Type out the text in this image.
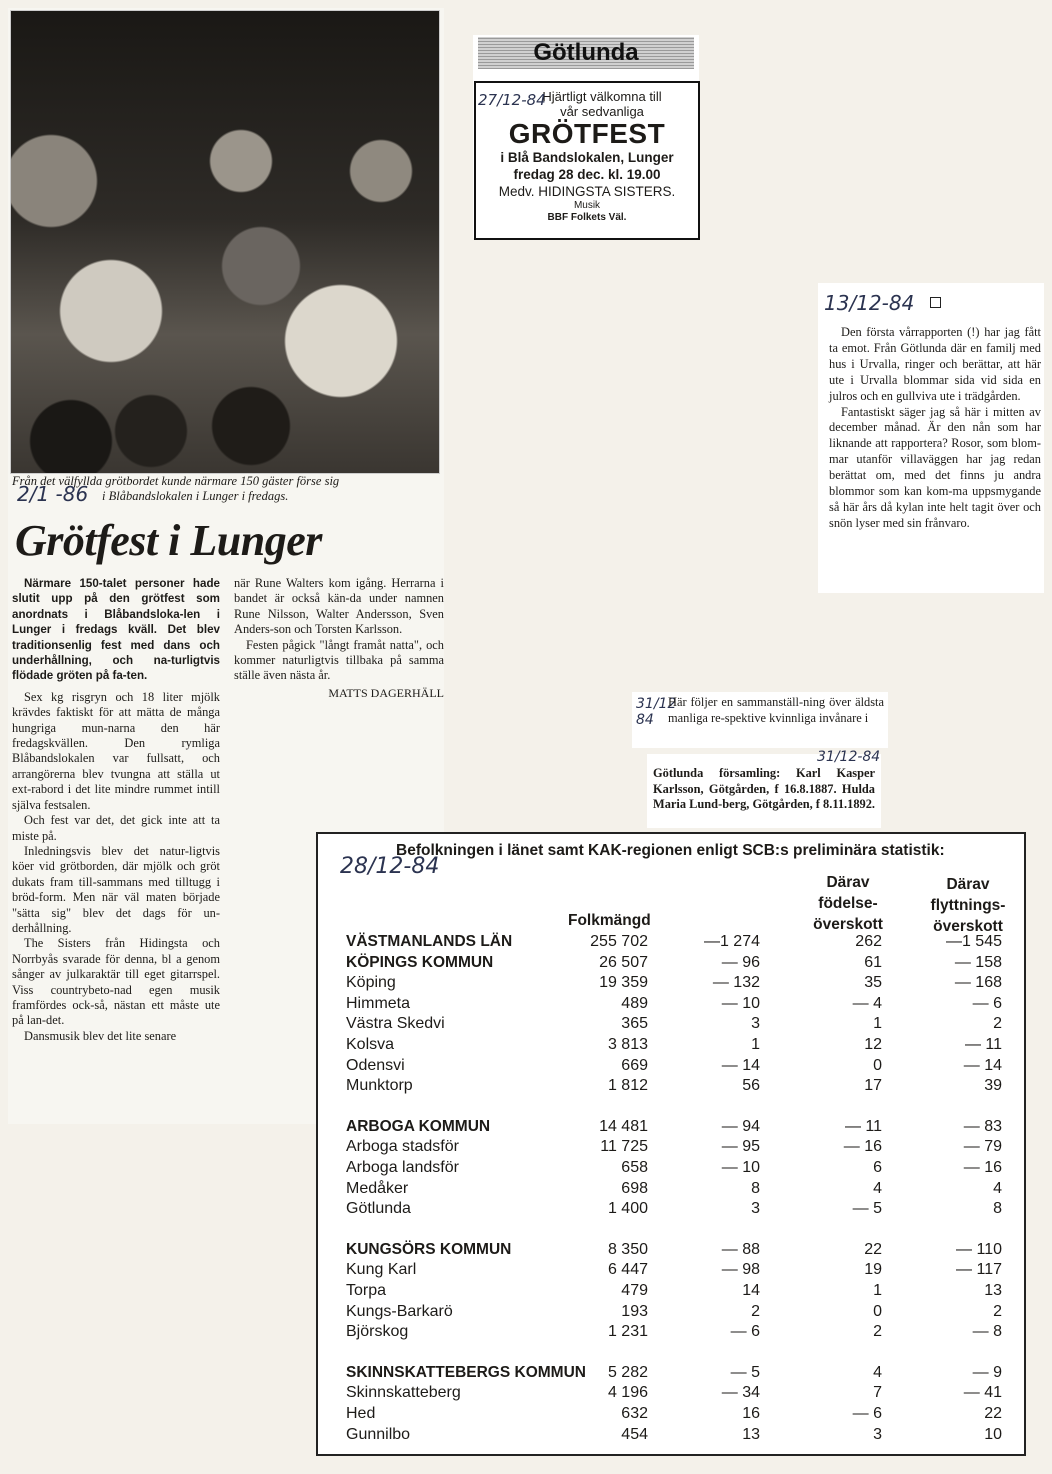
Från det välfyllda grötbordet kunde närmare 150 gäster förse sig
2/1 -86 i Blåbandslokalen i Lunger i fredags.
Grötfest i Lunger

Närmare 150-talet personer hade slutit upp på den grötfest som anordnats i Blåbandsloka-len i Lunger i fredags kväll. Det blev traditionsenlig fest med dans och underhållning, och na-turligtvis flödade gröten på fa-ten.

Sex kg risgryn och 18 liter mjölk krävdes faktiskt för att mätta de många hungriga mun-narna den här fredagskvällen. Den rymliga Blåbandslokalen var fullsatt, och arrangörerna blev tvungna att ställa ut ext-rabord i det lite mindre rummet intill själva festsalen.

Och fest var det, det gick inte att ta miste på.

Inledningsvis blev det natur-ligtvis köer vid grötborden, där mjölk och gröt dukats fram till-sammans med tilltugg i bröd-form. Men när väl maten började "sätta sig" blev det dags för un-derhållning.

The Sisters från Hidingsta och Norrbyås svarade för denna, bl a genom sånger av julkaraktär till eget gitarrspel. Viss countrybeto-nad egen musik framfördes ock-så, nästan ett måste ute på lan-det.

Dansmusik blev det lite senare

när Rune Walters kom igång. Herrarna i bandet är också kän-da under namnen Rune Nilsson, Walter Andersson, Sven Anders-son och Torsten Karlsson.

Festen pågick "långt framåt natta", och kommer naturligtvis tillbaka på samma ställe även nästa år.

MATTS DAGERHÄLL
Götlunda
27/12-84
Hjärtligt välkomna till
vår sedvanliga
GRÖTFEST
i Blå Bandslokalen, Lunger
fredag 28 dec. kl. 19.00
Medv. HIDINGSTA SISTERS.
Musik
BBF Folkets Väl.
13/12-84

Den första vårrapporten (!) har jag fått ta emot. Från Götlunda där en familj med hus i Urvalla, ringer och berättar, att här ute i Urvalla blommar sida vid sida en julros och en gullviva ute i trädgården.

Fantastiskt säger jag så här i mitten av december månad. Är den nån som har liknande att rapportera? Rosor, som blom-mar utanför villaväggen har jag redan berättat om, med det finns ju andra blommor som kan kom-ma uppsmygande så här års då kylan inte helt tagit över och snön lyser med sin frånvaro.

31/12 84
Här följer en sammanställ-ning över äldsta manliga re-spektive kvinnliga invånare i
31/12-84
Götlunda församling: Karl Kasper Karlsson, Götgården, f 16.8.1887. Hulda Maria Lund-berg, Götgården, f 8.11.1892.
Befolkningen i länet samt KAK-regionen enligt SCB:s preliminära statistik:
28/12-84
Folkmängd
Därav födelse-överskott
Därav flyttnings-överskott
VÄSTMANLANDS LÄN	255 702	—1 274	262	—1 545
KÖPINGS KOMMUN	26 507	— 96	61	— 158
Köping	19 359	— 132	35	— 168
Himmeta	489	— 10	— 4	— 6
Västra Skedvi	365	3	1	2
Kolsva	3 813	1	12	— 11
Odensvi	669	— 14	0	— 14
Munktorp	1 812	56	17	39
ARBOGA KOMMUN	14 481	— 94	— 11	— 83
Arboga stadsför	11 725	— 95	— 16	— 79
Arboga landsför	658	— 10	6	— 16
Medåker	698	8	4	4
Götlunda	1 400	3	— 5	8
KUNGSÖRS KOMMUN	8 350	— 88	22	— 110
Kung Karl	6 447	— 98	19	— 117
Torpa	479	14	1	13
Kungs-Barkarö	193	2	0	2
Björskog	1 231	— 6	2	— 8
SKINNSKATTEBERGS KOMMUN	5 282	— 5	4	— 9
Skinnskatteberg	4 196	— 34	7	— 41
Hed	632	16	— 6	22
Gunnilbo	454	13	3	10
